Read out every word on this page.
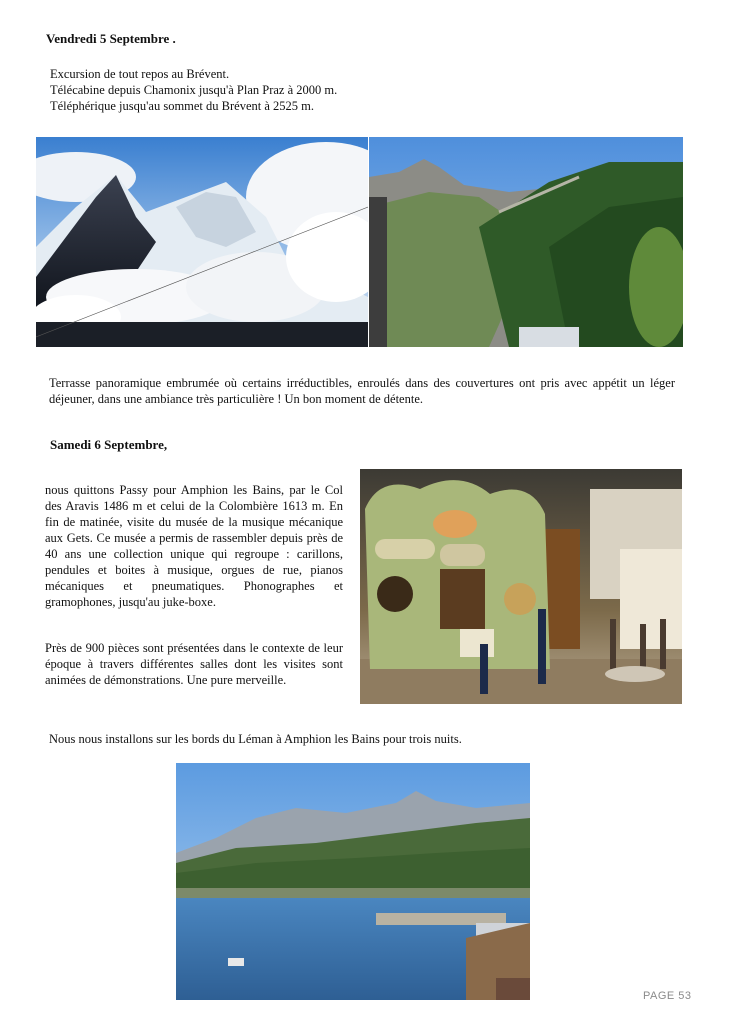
Vendredi 5 Septembre .
Excursion de tout repos au Brévent.
Télécabine depuis Chamonix jusqu'à Plan Praz à 2000 m.
Téléphérique jusqu'au sommet du Brévent à 2525 m.
Terrasse panoramique embrumée où certains irréductibles, enroulés dans des couvertures ont pris avec appétit un léger déjeuner, dans une ambiance très particulière ! Un bon moment de détente.
Samedi 6 Septembre,
nous quittons Passy pour Amphion les Bains, par le Col des Aravis 1486 m et celui de la Colombière 1613 m. En fin de matinée, visite du musée de la musique mécanique aux Gets. Ce musée a permis de rassembler depuis près de 40 ans une collection unique qui regroupe : carillons, pendules et boites à musique, orgues de rue, pianos mécaniques et pneumatiques. Phonographes et gramophones, jusqu'au juke-boxe.
Près de 900 pièces sont présentées dans le contexte de leur époque à travers différentes salles dont les visites sont animées de démonstrations. Une pure merveille.
Nous nous installons sur les bords du Léman à Amphion les Bains pour trois nuits.
PAGE 53
